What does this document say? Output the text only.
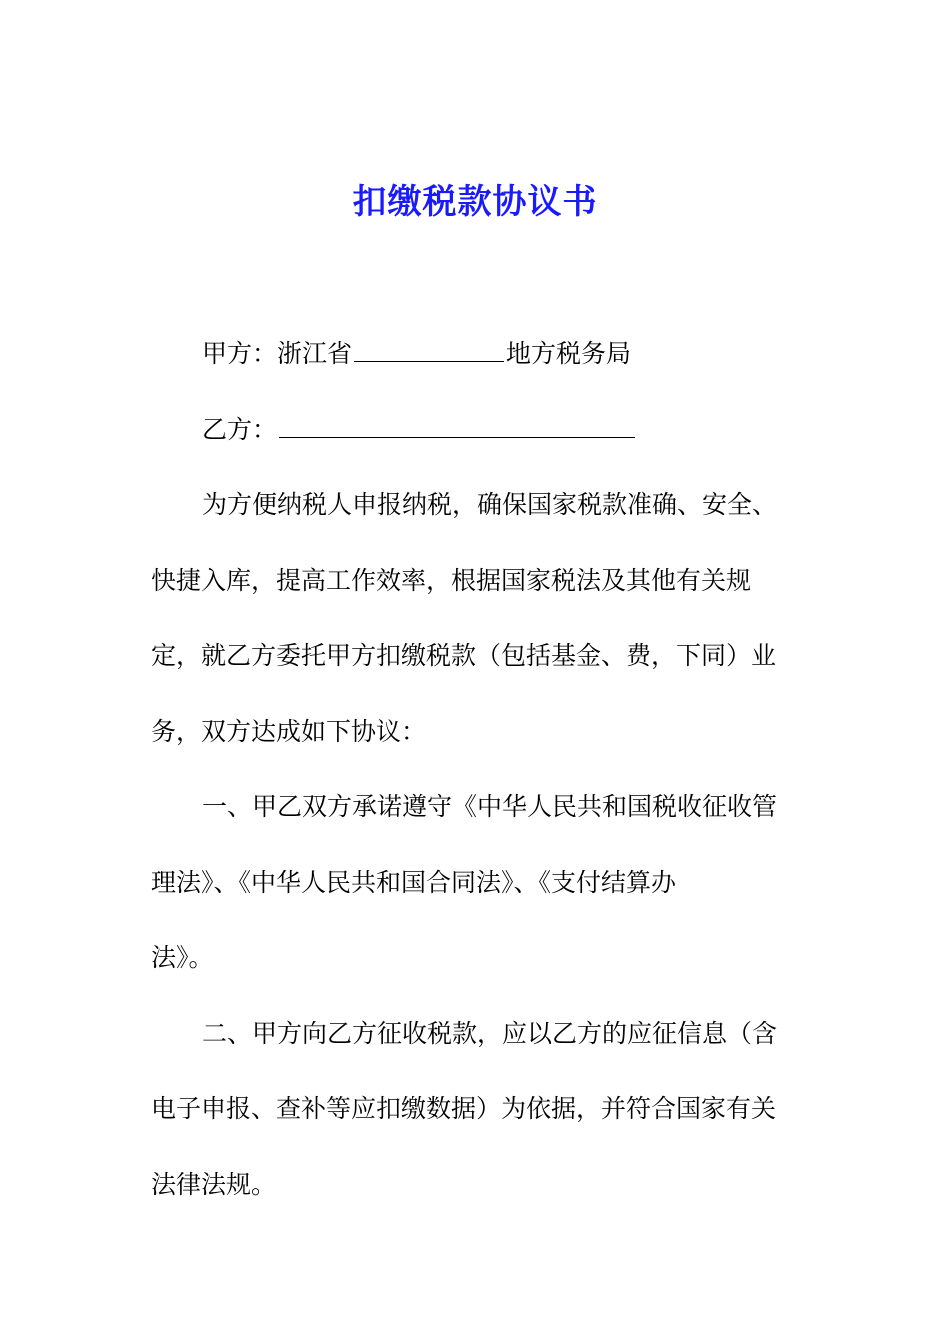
扣缴税款协议书

甲方：浙江省	地方税务局

乙方：

为方便纳税人申报纳税，确保国家税款准确、安全、
快捷入库，提高工作效率，根据国家税法及其他有关规
定，就乙方委托甲方扣缴税款（包括基金、费，下同）业
务，双方达成如下协议：

一、甲乙双方承诺遵守《中华人民共和国税收征收管
理法》、《中华人民共和国合同法》、《支付结算办
法》。

二、甲方向乙方征收税款，应以乙方的应征信息（含
电子申报、查补等应扣缴数据）为依据，并符合国家有关
法律法规。
